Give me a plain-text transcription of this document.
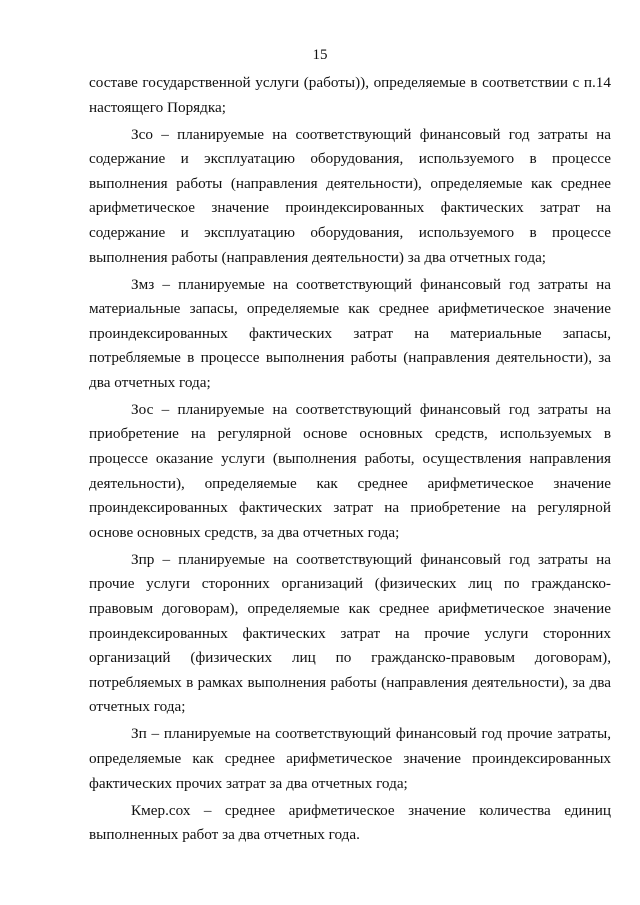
15
составе государственной услуги (работы)), определяемые в соответствии с п.14
настоящего Порядка;
Зсо – планируемые на соответствующий финансовый год затраты на
содержание и эксплуатацию оборудования, используемого в процессе
выполнения работы (направления деятельности), определяемые как среднее
арифметическое значение проиндексированных фактических затрат на
содержание и эксплуатацию оборудования, используемого в процессе
выполнения работы (направления деятельности) за два отчетных года;
Змз – планируемые на соответствующий финансовый год затраты на
материальные запасы, определяемые как среднее арифметическое значение
проиндексированных фактических затрат на материальные запасы,
потребляемые в процессе выполнения работы (направления деятельности), за
два отчетных года;
Зос – планируемые на соответствующий финансовый год затраты на
приобретение на регулярной основе основных средств, используемых в
процессе оказание услуги (выполнения работы, осуществления направления
деятельности), определяемые как среднее арифметическое значение
проиндексированных фактических затрат на приобретение на регулярной
основе основных средств, за два отчетных года;
Зпр – планируемые на соответствующий финансовый год затраты на
прочие услуги сторонних организаций (физических лиц по гражданско-
правовым договорам), определяемые как среднее арифметическое значение
проиндексированных фактических затрат на прочие услуги сторонних
организаций (физических лиц по гражданско-правовым договорам),
потребляемых в рамках выполнения работы (направления деятельности), за два
отчетных года;
Зп – планируемые на соответствующий финансовый год прочие затраты,
определяемые как среднее арифметическое значение проиндексированных
фактических прочих затрат за два отчетных года;
Кмер.сох – среднее арифметическое значение количества единиц
выполненных работ за два отчетных года.
